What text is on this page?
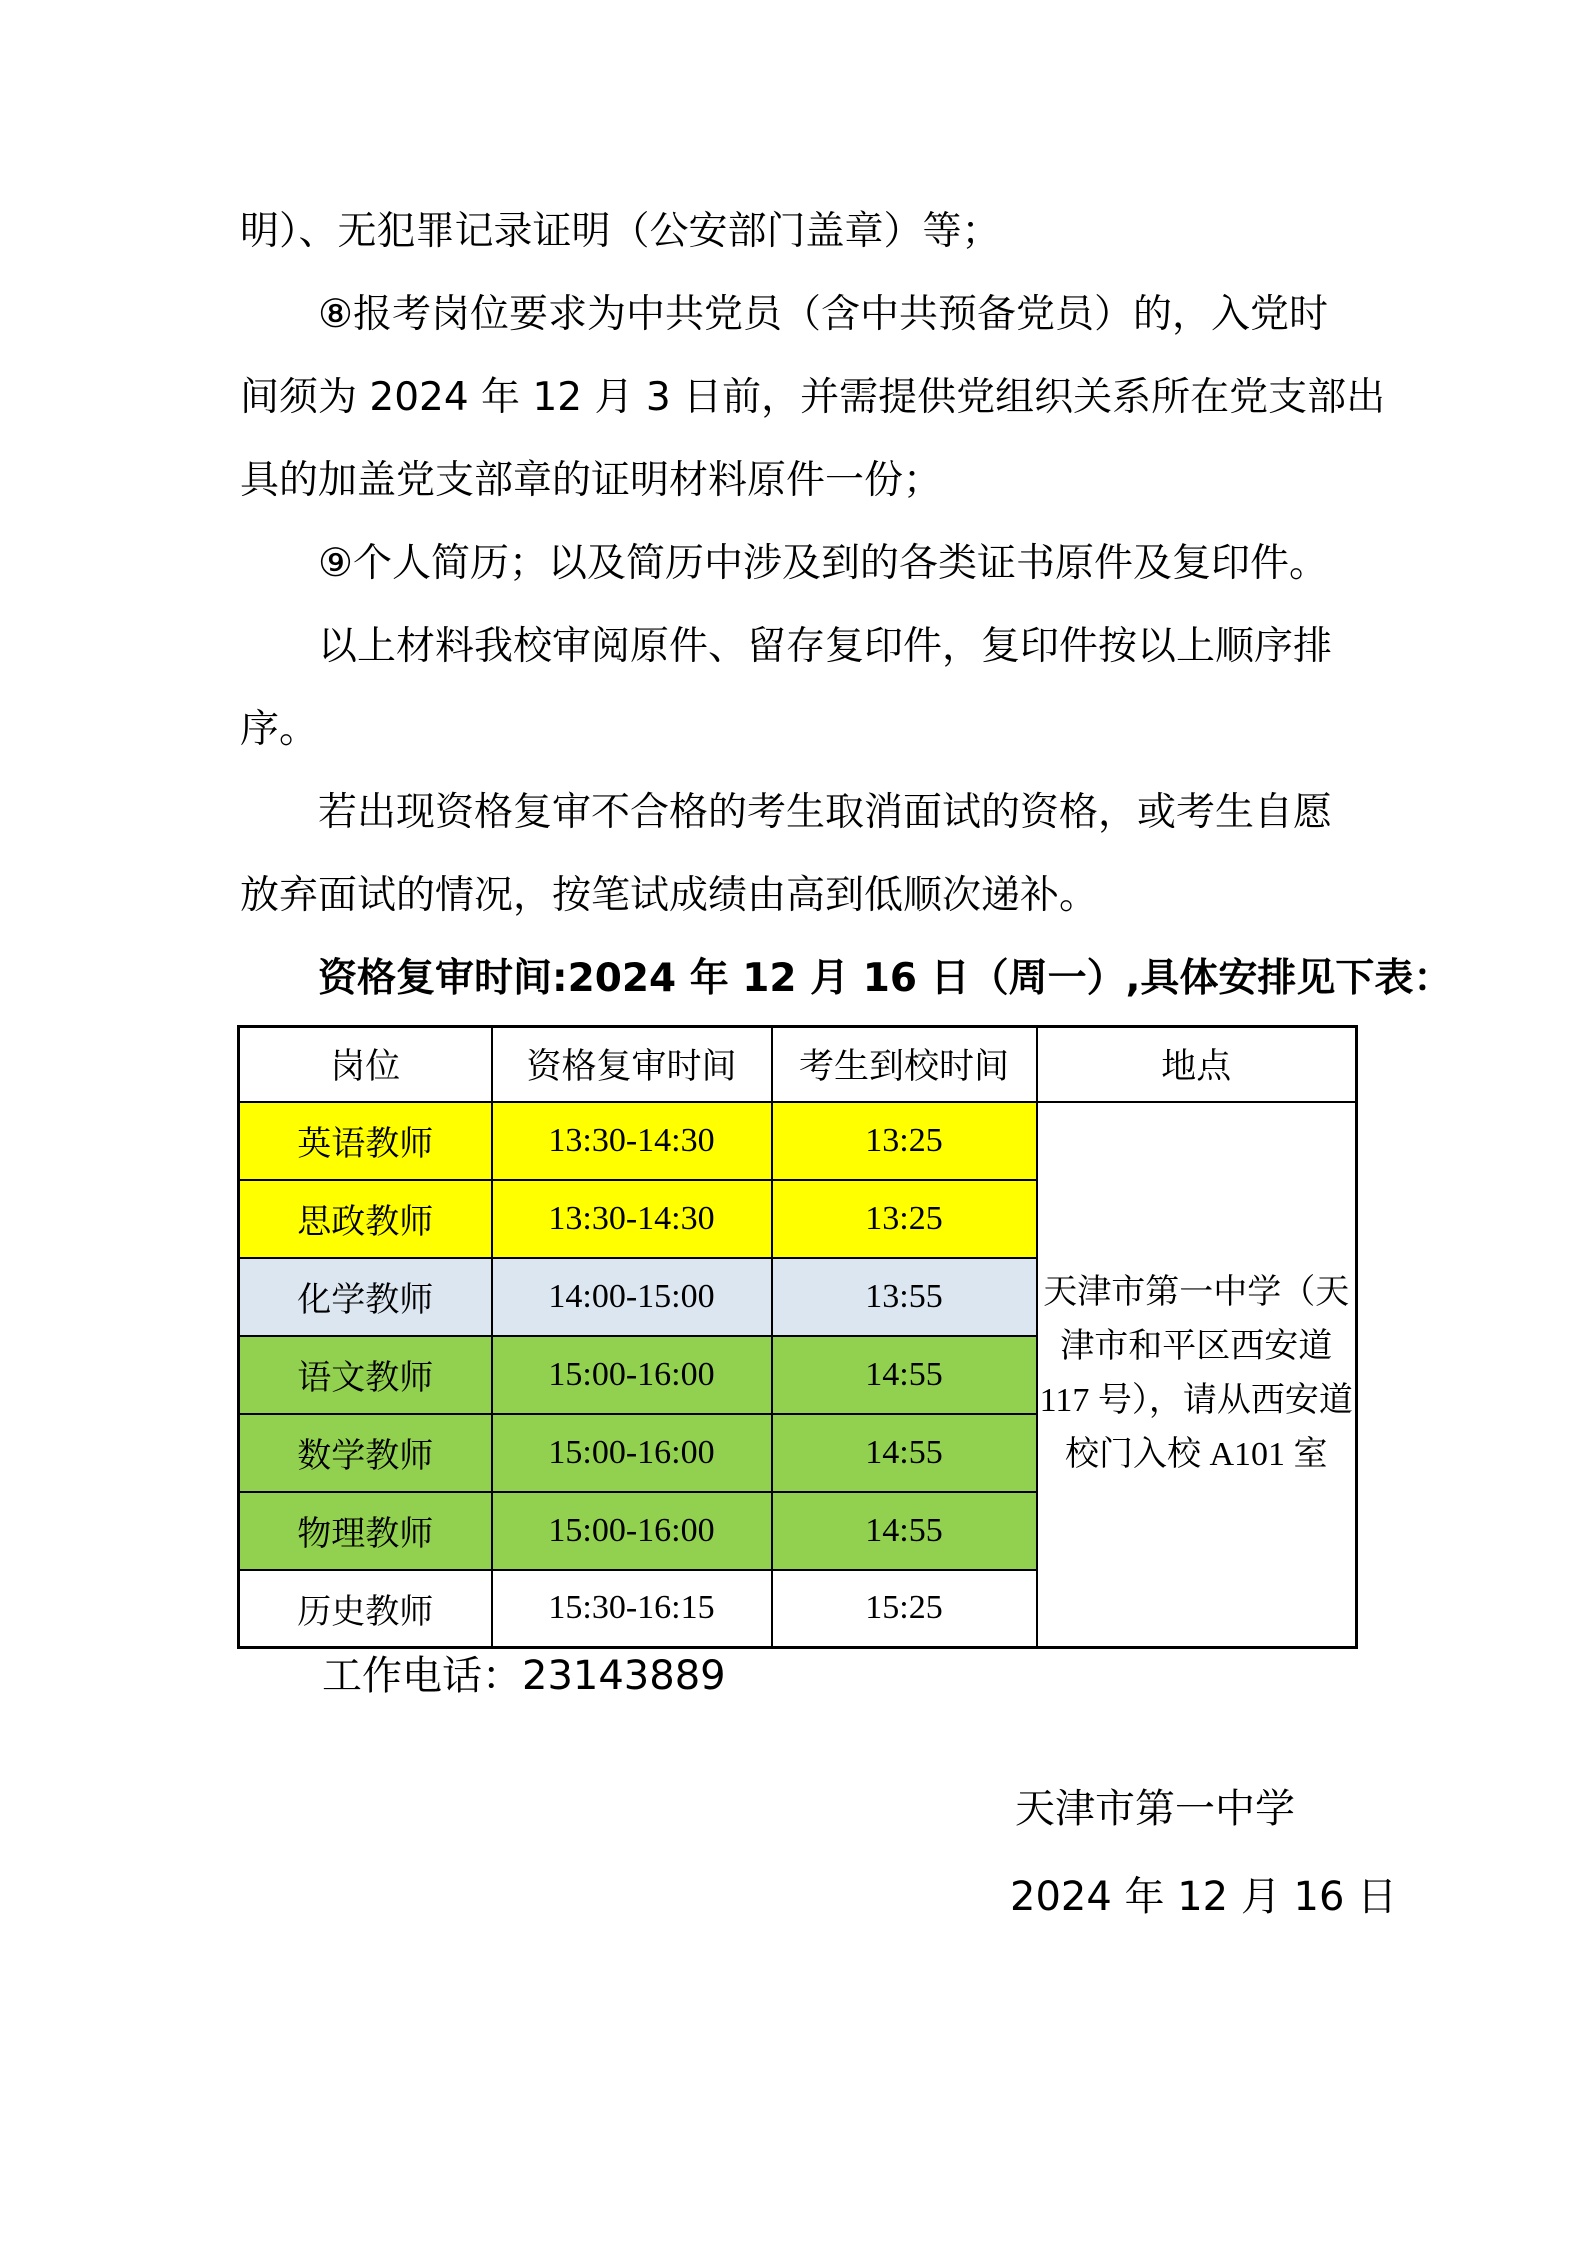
明）、无犯罪记录证明（公安部门盖章）等；

⑧报考岗位要求为中共党员（含中共预备党员）的，入党时

间须为 2024 年 12 月 3 日前，并需提供党组织关系所在党支部出

具的加盖党支部章的证明材料原件一份；

⑨个人简历；以及简历中涉及到的各类证书原件及复印件。

以上材料我校审阅原件、留存复印件，复印件按以上顺序排

序。

若出现资格复审不合格的考生取消面试的资格，或考生自愿

放弃面试的情况，按笔试成绩由高到低顺次递补。

资格复审时间:2024 年 12 月 16 日（周一）,具体安排见下表：

岗位	资格复审时间	考生到校时间	地点
英语教师	13:30-14:30	13:25	天津市第一中学（天津市和平区西安道 117 号），请从西安道校门入校 A101 室
思政教师	13:30-14:30	13:25	
化学教师	14:00-15:00	13:55	
语文教师	15:00-16:00	14:55	
数学教师	15:00-16:00	14:55	
物理教师	15:00-16:00	14:55	
历史教师	15:30-16:15	15:25	

工作电话：23143889

天津市第一中学

2024 年 12 月 16 日
